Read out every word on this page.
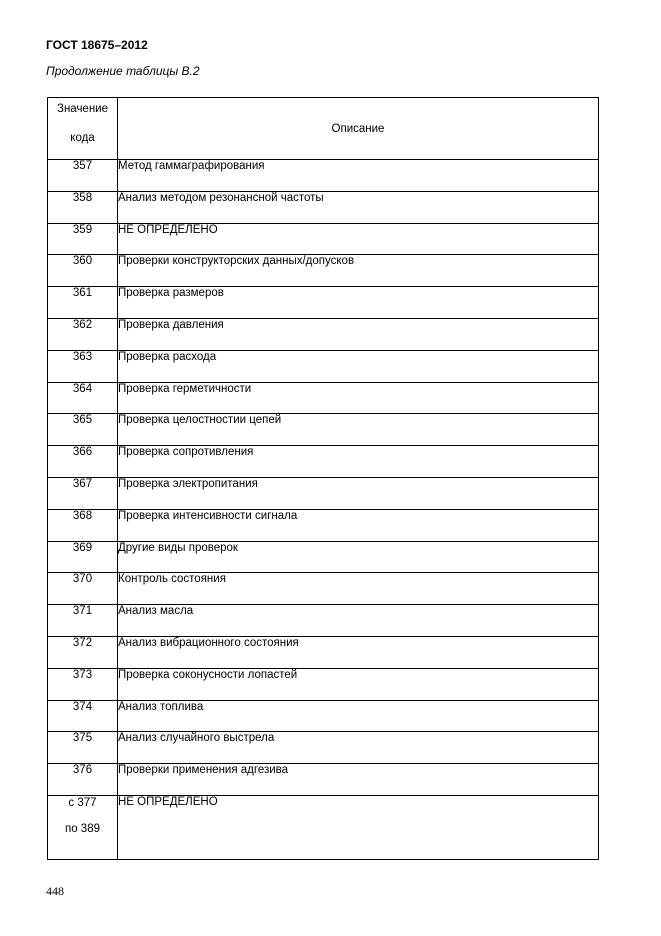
ГОСТ 18675–2012
Продолжение таблицы В.2
Значение
кода	Описание
357	Метод гаммаграфирования
358	Анализ методом резонансной частоты
359	НЕ ОПРЕДЕЛЕНО
360	Проверки конструкторских данных/допусков
361	Проверка размеров
362	Проверка давления
363	Проверка расхода
364	Проверка герметичности
365	Проверка целостностии цепей
366	Проверка сопротивления
367	Проверка электропитания
368	Проверка интенсивности сигнала
369	Другие виды проверок
370	Контроль состояния
371	Анализ масла
372	Анализ вибрационного состояния
373	Проверка соконусности лопастей
374	Анализ топлива
375	Анализ случайного выстрела
376	Проверки применения адгезива

с 377
по 389	НЕ ОПРЕДЕЛЕНО
448
